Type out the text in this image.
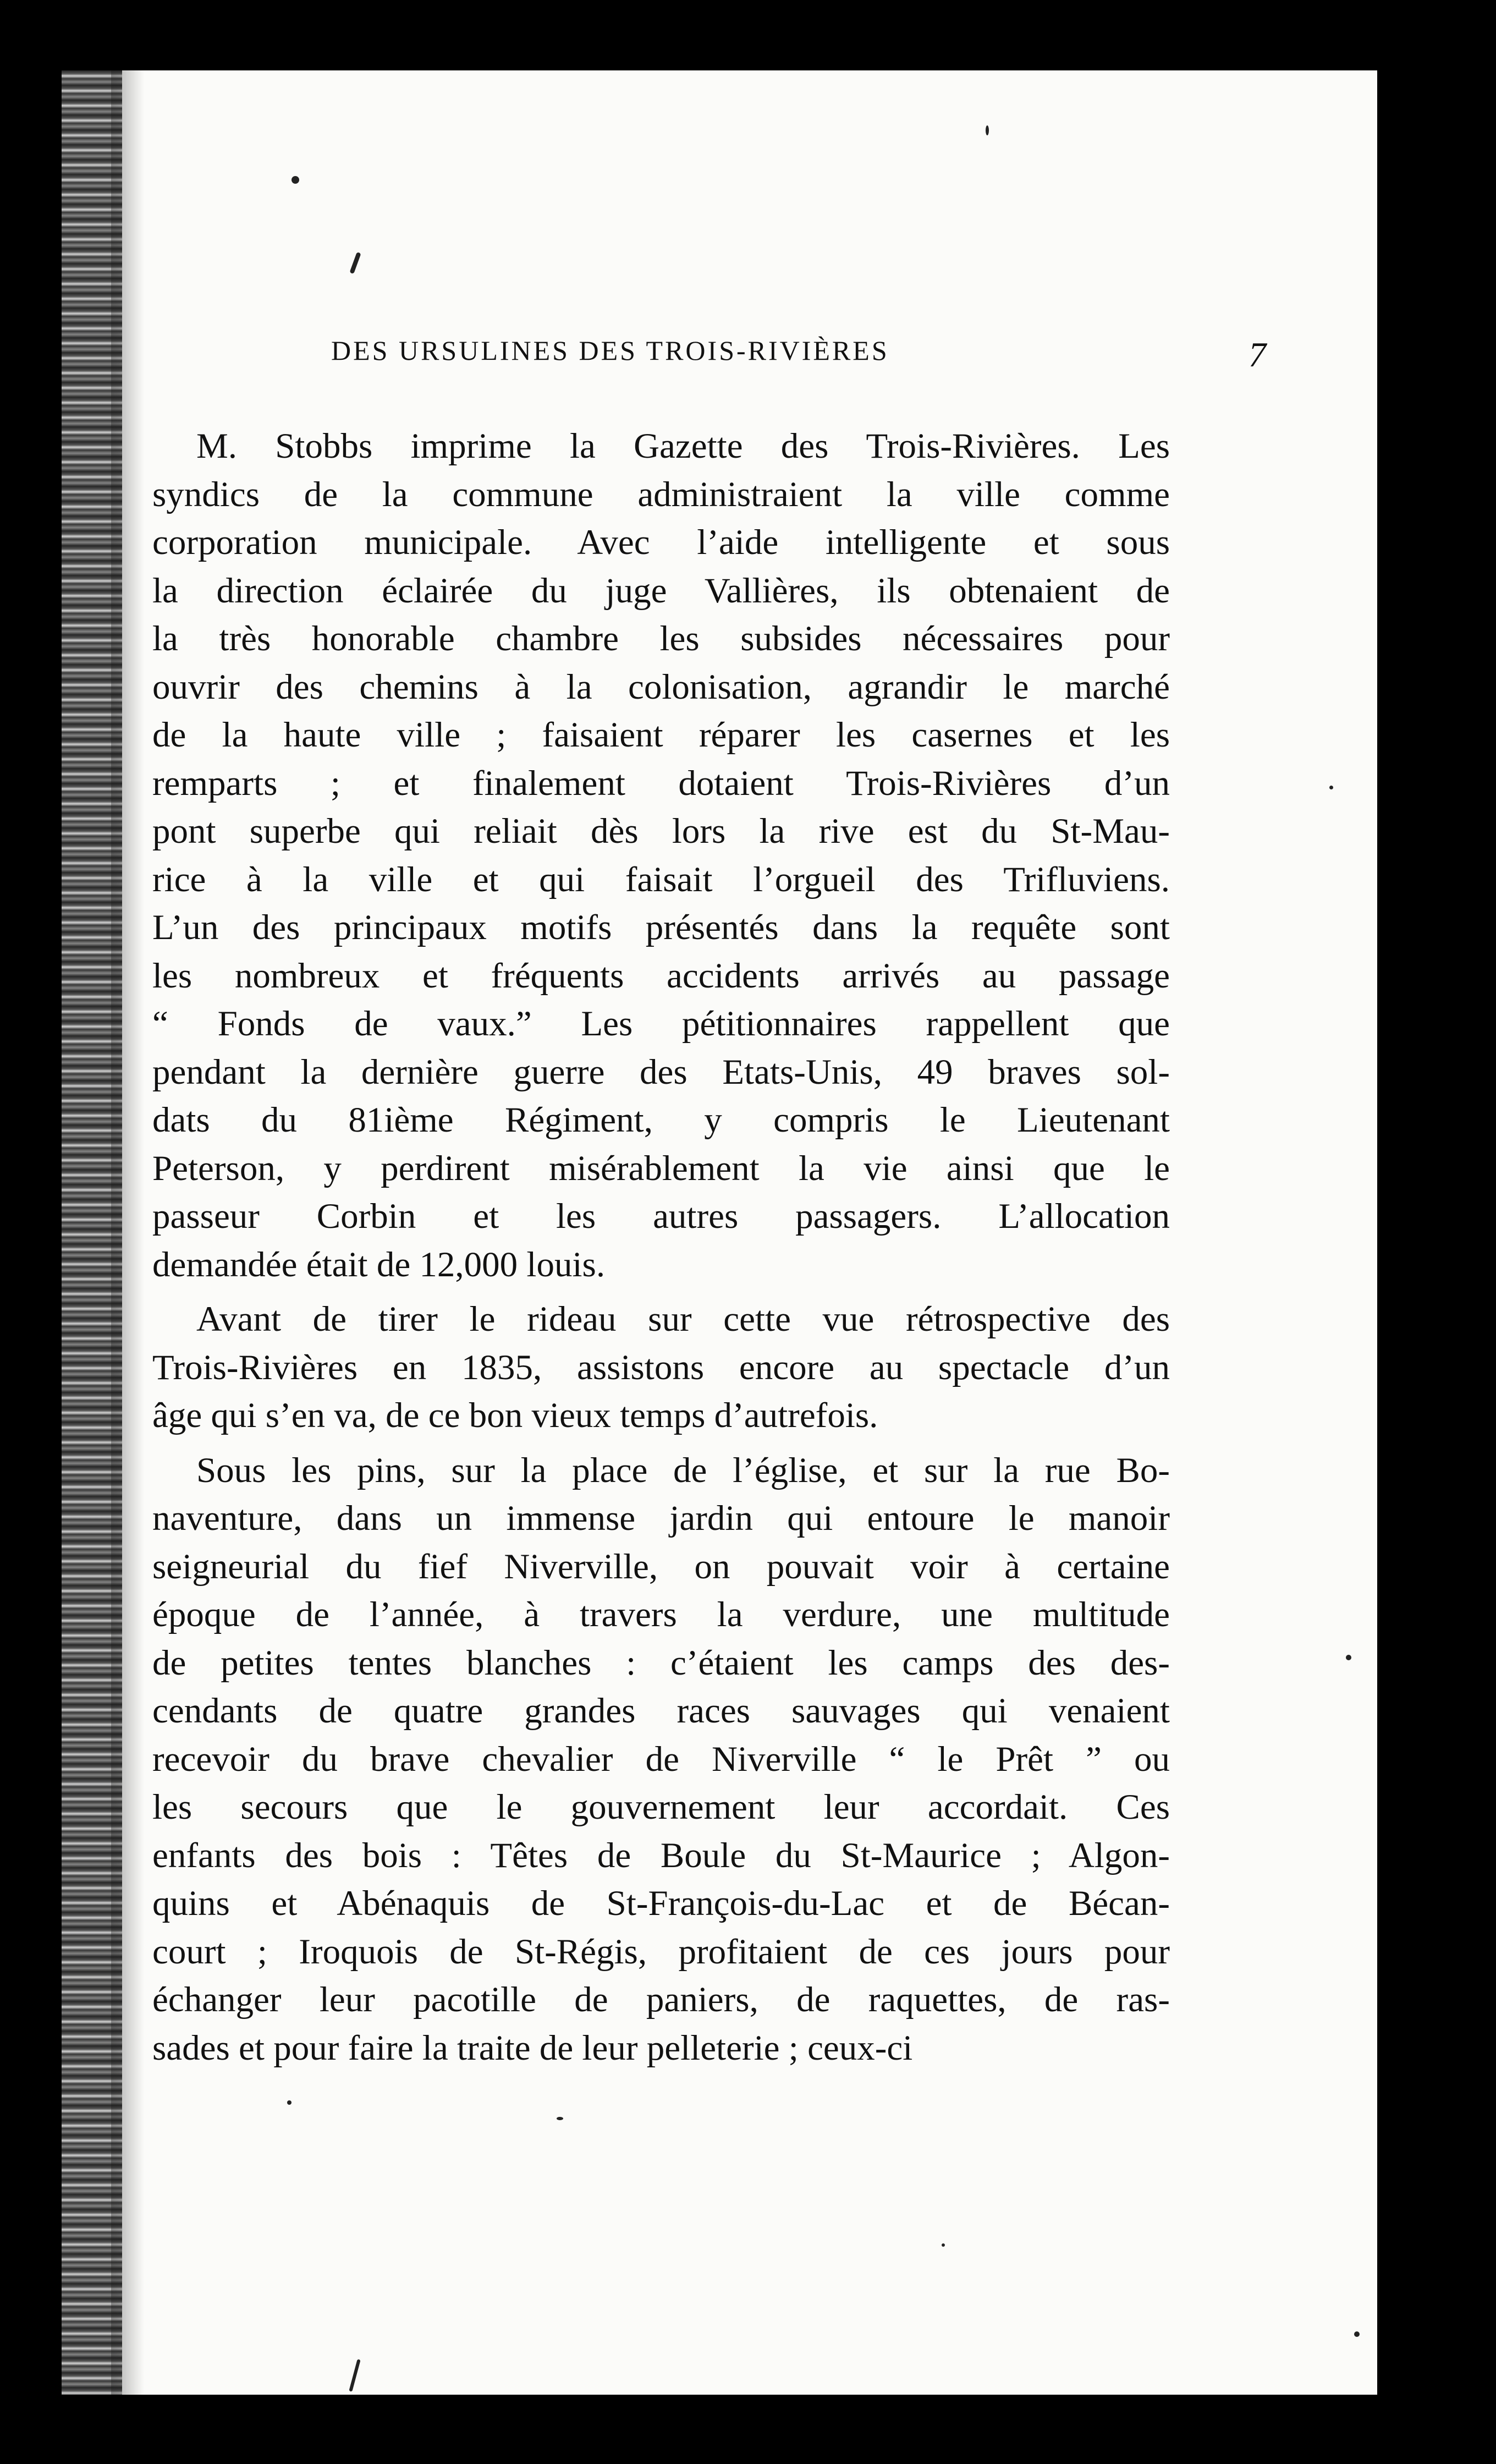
DES URSULINES DES TROIS-RIVIÈRES	7
M. Stobbs imprime la Gazette des Trois-Rivières. Les
syndics de la commune administraient la ville comme
corporation municipale. Avec l’aide intelligente et sous
la direction éclairée du juge Vallières, ils obtenaient de
la très honorable chambre les subsides nécessaires pour
ouvrir des chemins à la colonisation, agrandir le marché
de la haute ville ; faisaient réparer les casernes et les
remparts ; et finalement dotaient Trois-Rivières d’un
pont superbe qui reliait dès lors la rive est du St-Mau-
rice à la ville et qui faisait l’orgueil des Trifluviens.
L’un des principaux motifs présentés dans la requête sont
les nombreux et fréquents accidents arrivés au passage
“ Fonds de vaux.” Les pétitionnaires rappellent que
pendant la dernière guerre des Etats-Unis, 49 braves sol-
dats du 81ième Régiment, y compris le Lieutenant
Peterson, y perdirent misérablement la vie ainsi que le
passeur Corbin et les autres passagers. L’allocation
demandée était de 12,000 louis.
Avant de tirer le rideau sur cette vue rétrospective des
Trois-Rivières en 1835, assistons encore au spectacle d’un
âge qui s’en va, de ce bon vieux temps d’autrefois.
Sous les pins, sur la place de l’église, et sur la rue Bo-
naventure, dans un immense jardin qui entoure le manoir
seigneurial du fief Niverville, on pouvait voir à certaine
époque de l’année, à travers la verdure, une multitude
de petites tentes blanches : c’étaient les camps des des-
cendants de quatre grandes races sauvages qui venaient
recevoir du brave chevalier de Niverville “ le Prêt ” ou
les secours que le gouvernement leur accordait. Ces
enfants des bois : Têtes de Boule du St-Maurice ; Algon-
quins et Abénaquis de St-François-du-Lac et de Bécan-
court ; Iroquois de St-Régis, profitaient de ces jours pour
échanger leur pacotille de paniers, de raquettes, de ras-
sades et pour faire la traite de leur pelleterie ; ceux-ci
